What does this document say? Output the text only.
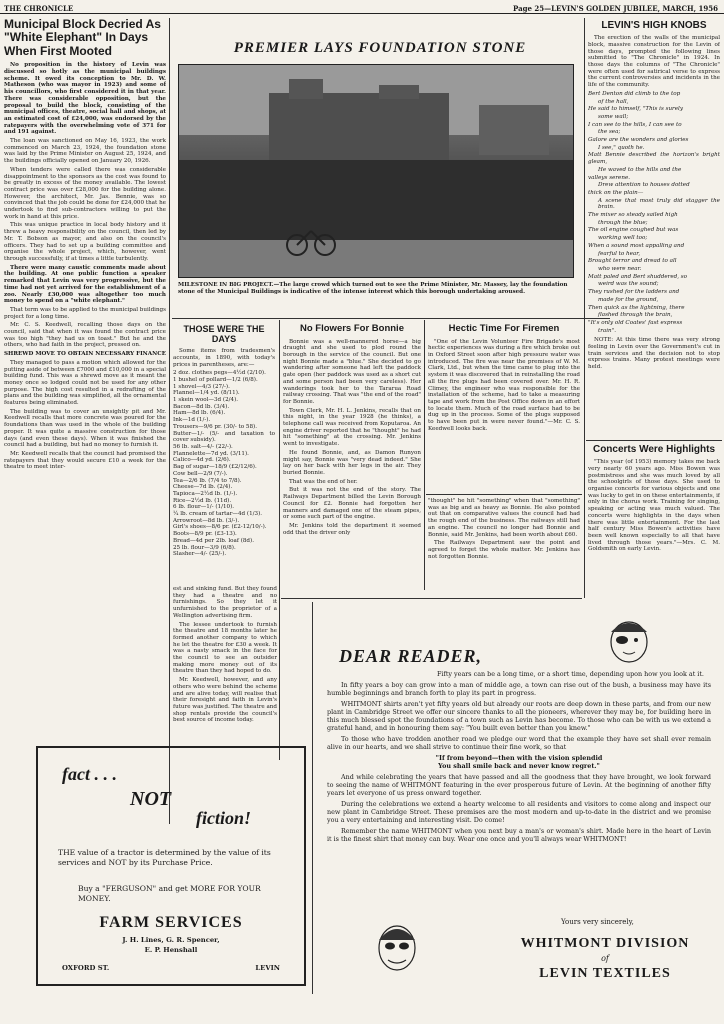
THE CHRONICLE	Page 25—LEVIN'S GOLDEN JUBILEE, MARCH, 1956
Municipal Block Decried As "White Elephant" In Days When First Mooted

No proposition in the history of Levin was discussed so hotly as the municipal buildings scheme. It owed its conception to Mr. D. W. Matheson (who was mayor in 1923) and some of his councillors, who first considered it in that year. There was considerable opposition, but the proposal to build the block, consisting of the municipal offices, theatre, social hall and shops, at an estimated cost of £24,000, was endorsed by the ratepayers with the overwhelming vote of 371 for and 191 against.

The loan was sanctioned on May 16, 1923, the work commenced on March 23, 1924, the foundation stone was laid by the Prime Minister on August 25, 1924, and the buildings officially opened on January 20, 1926.

When tenders were called there was considerable disappointment to the sponsors as the cost was found to be greatly in excess of the money available. The lowest contract price was over £28,000 for the building alone. However, the architect, Mr. Jas. Bennie, was so convinced that the job could be done for £24,000 that he undertook to find sub-contractors willing to put the work in hand at this price.

This was unique practice in local body history and it threw a heavy responsibility on the council, then led by Mr. T. Bobson as mayor, and also on the council's officers. They had to set up a building committee and organise the whole project, which, however, went through successfully, if at times a little turbulently.

There were many caustic comments made about the building. At one public function a speaker remarked that Levin was very progressive, but the time had not yet arrived for the establishment of a zoo. Nearly £30,000 was altogether too much money to spend on a "white elephant."

That term was to be applied to the municipal buildings project for a long time.

Mr. C. S. Keedwell, recalling those days on the council, said that when it was found the contract price was too high "they had us on toast." But he and the others, who had faith in the project, pressed on.

SHREWD MOVE TO OBTAIN NECESSARY FINANCE

They managed to pass a motion which allowed for the putting aside of between £7000 and £10,000 in a special building fund. This was a shrewd move as it meant the money once so lodged could not be used for any other purpose. The high cost resulted in a redrafting of the plans and the building was simplified, all the ornamental features being eliminated.

The building was to cover an unsightly pit and Mr. Keedwell recalls that more concrete was poured for the foundations than was used in the whole of the building proper. It was quite a massive construction for those days (and even these days). When it was finished the council had a building, but had no money to furnish it.

Mr. Keedwell recalls that the council had promised the ratepayers that they would secure £10 a week for the theatre to meet inter-

PREMIER LAYS FOUNDATION STONE
MILESTONE IN BIG PROJECT.—The large crowd which turned out to see the Prime Minister, Mr. Massey, lay the foundation stone of the Municipal Buildings is indicative of the intense interest which this borough undertaking aroused.
THOSE WERE THE DAYS

Some items from tradesmen's accounts, in 1890, with today's prices in parentheses, are:—

2 doz. clothes pegs—4½d (2/10).
1 bushel of pollard—1/2 (6/8).
1 shovel—4/3 (27/-).
Flannel—1/4 yd. (8/11).
1 skein wool—3d (2/4).
Bacon—8d lb. (3/4).
Ham—8d lb. (6/4).
Ink—1d (1/-).
Trousers—9/6 pr. (30/- to 58).
Butter—1/- (5/- and taxation to cover subsidy).
56 lb. salt—4/- (22/-).
Flannelette—7d yd. (3/11).
Calico—4d yd. (2/6).
Bag of sugar—18/9 (£2/12/6).
Cow bell—2/9 (7/-).
Tea—2/6 lb. (7/4 to 7/8).
Cheese—7d lb. (2/4).
Tapioca—2½d lb. (1/-).
Rice—2½d lb. (11d).
6 lb. flour—1/- (1/10).
¼ lb. cream of tartar—4d (1/3).
Arrowroot—8d lb. (3/-).
Girl's shoes—8/6 pr. (£2-12/10/-).
Boots—8/9 pr. (£3-13).
Bread—4d per 2lb. loaf (8d).
25 lb. flour—3/9 (6/8).
Slasher—4/- (25/-).
No Flowers For Bonnie

Bonnie was a well-mannered horse—a big draught and she used to plod round the borough in the service of the council. But one night Bonnie made a "blue." She decided to go wandering after someone had left the paddock gate open (her paddock was used as a short cut and some person had been very careless). Her wanderings took her to the Tararua Road railway crossing. That was "the end of the road" for Bonnie.

Town Clerk, Mr. H. L. Jenkins, recalls that on this night, in the year 1928 (he thinks), a telephone call was received from Koputaroa. An engine driver reported that he "thought" he had hit "something" at the crossing. Mr. Jenkins went to investigate.

He found Bonnie, and, as Damon Runyon might say, Bonnie was "very dead indeed." She lay on her back with her legs in the air. They buried Bonnie.

That was the end of her.

But it was not the end of the story. The Railways Department billed the Levin Borough Council for £2. Bonnie had forgotten her manners and damaged one of the steam pipes, or some such part of the engine.

Mr. Jenkins told the department it seemed odd that the driver only

Hectic Time For Firemen

"One of the Levin Volunteer Fire Brigade's most hectic experiences was during a fire which broke out in Oxford Street soon after high pressure water was introduced. The fire was near the premises of W. M. Clark, Ltd., but when the time came to plug into the system it was discovered that in reinstalling the road all the fire plugs had been covered over. Mr. H. R. Climey, the engineer who was responsible for the installation of the scheme, had to take a measuring tape and work from the Post Office down in an effort to locate them. Much of the road surface had to be dug up in the process. Some of the plugs supposed to have been put in were never found."—Mr. C. S. Keedwell looks back.

"thought" he hit "something" when that "something" was as big and as heavy as Bonnie. He also pointed out that on comparative values the council had had the rough end of the business. The railways still had an engine. The council no longer had Bonnie and Bonnie, said Mr. Jenkins, had been worth about £60.

The Railways Department saw the point and agreed to forget the whole matter. Mr. Jenkins has not forgotten Bonnie.

est and sinking fund. But they found they had a theatre and no furnishings. So they let it unfurnished to the proprietor of a Wellington advertising firm.

The lessee undertook to furnish the theatre and 18 months later he formed another company to which he let the theatre for £30 a week. It was a nasty smack in the face for the council to see an outsider making more money out of its theatre than they had hoped to do.

Mr. Keedwell, however, and any others who were behind the scheme and are alive today, will realise that their foresight and faith in Levin's future was justified. The theatre and shop rentals provide the council's best source of income today.

LEVIN'S HIGH KNOBS

The erection of the walls of the municipal block, massive construction for the Levin of those days, prompted the following lines submitted to "The Chronicle" in 1924. In those days the columns of "The Chronicle" were often used for satirical verse to express the current controversies and incidents in the life of the community.

Bert Denton did climb to the top

of the hall,

He said to himself, "This is surely

some wall;

I can see to the hills, I can see to

the sea;

Galore are the wonders and glories

I see," quoth he.

Matt Bennie described the horizon's bright gleam,

He waved to the hills and the

valleys serene.

Drew attention to houses dotted

thick on the plain—

A scene that most truly did stagger the brain.

The mixer so steady sailed high

through the blue;

The oil engine coughed but was

working well too;

When a sound most appalling and

fearful to hear,

Brought terror and dread to all

who were near.

Matt paled and Bert shuddered, so

weird was the sound;

They rushed for the ladders and

made for the ground,

Then quick as the lightning, there

flashed through the brain,

"It's only old Coates' fast express

train".

NOTE: At this time there was very strong feeling in Levin over the Government's cut in train services and the decision not to stop express trains. Many protest meetings were held.

Concerts Were Highlights

"This year (of 1953) memory takes me back very nearly 60 years ago. Miss Bowen was postmistress and she was much loved by all the schoolgirls of those days. She used to organise concerts for various objects and one was lucky to get in on these entertainments, if only in the chorus work. Training for singing, speaking or acting was much valued. The concerts were highlights in the days when there was little entertainment. For the last half century Miss Bowen's activities have been well known especially to all that have lived through those years."—Mrs. C. M. Goldsmith on early Levin.

fact . . .
NOT
fiction!
THE value of a tractor is determined by the value of its services and NOT by its Purchase Price.
Buy a "FERGUSON" and get MORE FOR YOUR MONEY.
FARM SERVICES
J. H. Lines, G. R. Spencer,
E. P. Henshall
OXFORD ST.	LEVIN
DEAR READER,

Fifty years can be a long time, or a short time, depending upon how you look at it.

In fifty years a boy can grow into a man of middle age, a town can rise out of the bush, a business may have its humble beginnings and branch forth to play its part in progress.

WHITMONT shirts aren't yet fifty years old but already our roots are deep down in these parts, and from our new plant in Cambridge Street we offer our sincere thanks to all the pioneers, wherever they may be, for building here in this much blessed spot the foundations of a town such as Levin has become. To those who can be with us we extend a grateful hand, and in honouring them say: "You built even better than you knew."

To those who have trodden another road we pledge our word that the example they have set shall ever remain alive in our hearts, and we shall strive to continue their fine work, so that

"If from beyond—then with the vision splendid

You shall smile back and never know regret."

And while celebrating the years that have passed and all the goodness that they have brought, we look forward to seeing the name of WHITMONT featuring in the ever prosperous future of Levin. At the beginning of another fifty years let everyone of us press onward together.

During the celebrations we extend a hearty welcome to all residents and visitors to come along and inspect our new plant in Cambridge Street. These premises are the most modern and up-to-date in the district and we promise you a very entertaining and interesting visit. Do come!

Remember the name WHITMONT when you next buy a man's or woman's shirt. Made here in the heart of Levin it is the finest shirt that money can buy. Wear one once and you'll always wear WHITMONT!

Yours very sincerely,
WHITMONT DIVISION
of
LEVIN TEXTILES
